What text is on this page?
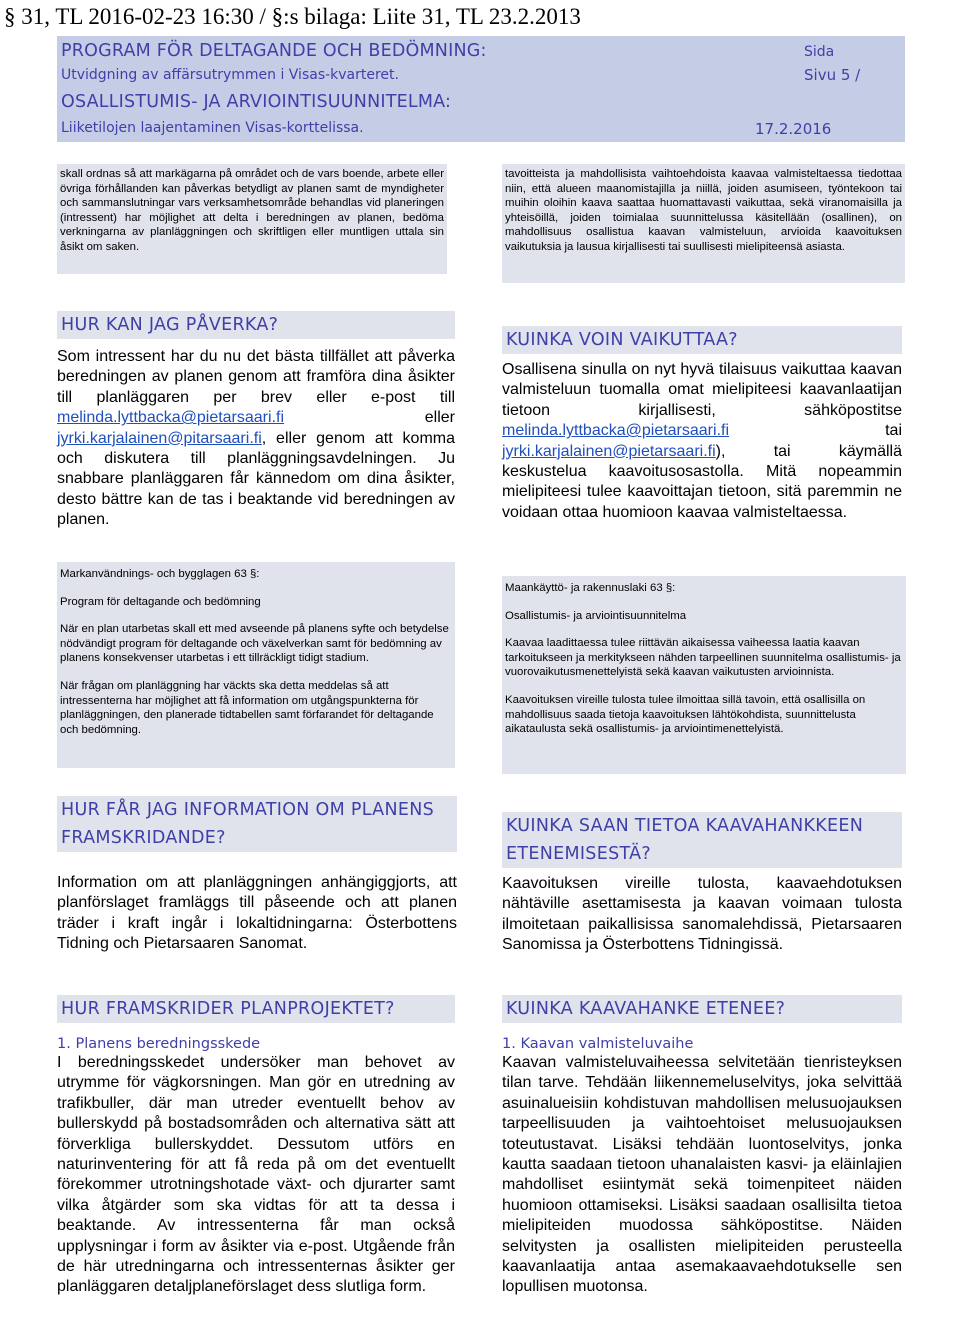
§ 31, TL 2016-02-23 16:30 / §:s bilaga: Liite 31, TL 23.2.2013
PROGRAM FÖR DELTAGANDE OCH BEDÖMNING:
Utvidgning av affärsutrymmen i Visas-kvarteret.
OSALLISTUMIS- JA ARVIOINTISUUNNITELMA:
Liiketilojen laajentaminen Visas-korttelissa.
Sida
Sivu 5 /
17.2.2016

skall ordnas så att markägarna på området och de vars boende, arbete eller övriga förhållanden kan påverkas betydligt av planen samt de myndigheter och sammanslutningar vars verksamhetsområde behandlas vid planeringen (intressent) har möjlighet att delta i beredningen av planen, bedöma verkningarna av planläggningen och skriftligen eller muntligen uttala sin åsikt om saken.

tavoitteista ja mahdollisista vaihtoehdoista kaavaa valmisteltaessa tiedottaa niin, että alueen maanomistajilla ja niillä, joiden asumiseen, työntekoon tai muihin oloihin kaava saattaa huomattavasti vaikuttaa, sekä viranomaisilla ja yhteisöillä, joiden toimialaa suunnittelussa käsitellään (osallinen), on mahdollisuus osallistua kaavan valmisteluun, arvioida kaavoituksen vaikutuksia ja lausua kirjallisesti tai suullisesti mielipiteensä asiasta.

HUR KAN JAG PÅVERKA?

Som intressent har du nu det bästa tillfället att påverka beredningen av planen genom att framföra dina åsikter till planläggaren per brev eller e-post till melinda.lyttbacka@pietarsaari.fi eller jyrki.karjalainen@pitarsaari.fi, eller genom att komma och diskutera till planläggningsavdelningen. Ju snabbare planläggaren får kännedom om dina åsikter, desto bättre kan de tas i beaktande vid beredningen av planen.

KUINKA VOIN VAIKUTTAA?

Osallisena sinulla on nyt hyvä tilaisuus vaikuttaa kaavan valmisteluun tuomalla omat mielipiteesi kaavanlaatijan tietoon kirjallisesti, sähköpostitse melinda.lyttbacka@pietarsaari.fi tai jyrki.karjalainen@pietarsaari.fi), tai käymällä keskustelua kaavoitusosastolla. Mitä nopeammin mielipiteesi tulee kaavoittajan tietoon, sitä paremmin ne voidaan ottaa huomioon kaavaa valmisteltaessa.

Markanvändnings- och bygglagen 63 §:

Program för deltagande och bedömning

När en plan utarbetas skall ett med avseende på planens syfte och betydelse nödvändigt program för deltagande och växelverkan samt för bedömning av planens konsekvenser utarbetas i ett tillräckligt tidigt stadium.

När frågan om planläggning har väckts ska detta meddelas så att intressenterna har möjlighet att få information om utgångspunkterna för planläggningen, den planerade tidtabellen samt förfarandet för deltagande och bedömning.

Maankäyttö- ja rakennuslaki 63 §:

Osallistumis- ja arviointisuunnitelma

Kaavaa laadittaessa tulee riittävän aikaisessa vaiheessa laatia kaavan tarkoitukseen ja merkitykseen nähden tarpeellinen suunnitelma osallistumis- ja vuorovaikutusmenettelyistä sekä kaavan vaikutusten arvioinnista.

Kaavoituksen vireille tulosta tulee ilmoittaa sillä tavoin, että osallisilla on mahdollisuus saada tietoja kaavoituksen lähtökohdista, suunnittelusta aikataulusta sekä osallistumis- ja arviointimenettelyistä.

HUR FÅR JAG INFORMATION OM PLANENS
FRAMSKRIDANDE?

Information om att planläggningen anhängiggjorts, att planförslaget framläggs till påseende och att planen träder i kraft ingår i lokaltidningarna: Österbottens Tidning och Pietarsaaren Sanomat.

KUINKA SAAN TIETOA KAAVAHANKKEEN
ETENEMISESTÄ?

Kaavoituksen vireille tulosta, kaavaehdotuksen nähtäville asettamisesta ja kaavan voimaan tulosta ilmoitetaan paikallisissa sanomalehdissä, Pietarsaaren Sanomissa ja Österbottens Tidningissä.

HUR FRAMSKRIDER PLANPROJEKTET?

1. Planens beredningsskede

I beredningsskedet undersöker man behovet av utrymme för vägkorsningen. Man gör en utredning av trafikbuller, där man utreder eventuellt behov av bullerskydd på bostadsområden och alternativa sätt att förverkliga bullerskyddet. Dessutom utförs en naturinventering för att få reda på om det eventuellt förekommer utrotningshotade växt- och djurarter samt vilka åtgärder som ska vidtas för att ta dessa i beaktande. Av intressenterna får man också upplysningar i form av åsikter via e-post. Utgående från de här utredningarna och intressenternas åsikter ger planläggaren detaljplaneförslaget dess slutliga form.

KUINKA KAAVAHANKE ETENEE?

1. Kaavan valmisteluvaihe

Kaavan valmisteluvaiheessa selvitetään tienristeyksen tilan tarve. Tehdään liikennemeluselvitys, joka selvittää asuinalueisiin kohdistuvan mahdollisen melusuojauksen tarpeellisuuden ja vaihtoehtoiset melusuojauksen toteutustavat. Lisäksi tehdään luontoselvitys, jonka kautta saadaan tietoon uhanalaisten kasvi- ja eläinlajien mahdolliset esiintymät sekä toimenpiteet näiden huomioon ottamiseksi. Lisäksi saadaan osallisilta tietoa mielipiteiden muodossa sähköpostitse. Näiden selvitysten ja osallisten mielipiteiden perusteella kaavanlaatija antaa asemakaavaehdotukselle sen lopullisen muotonsa.
